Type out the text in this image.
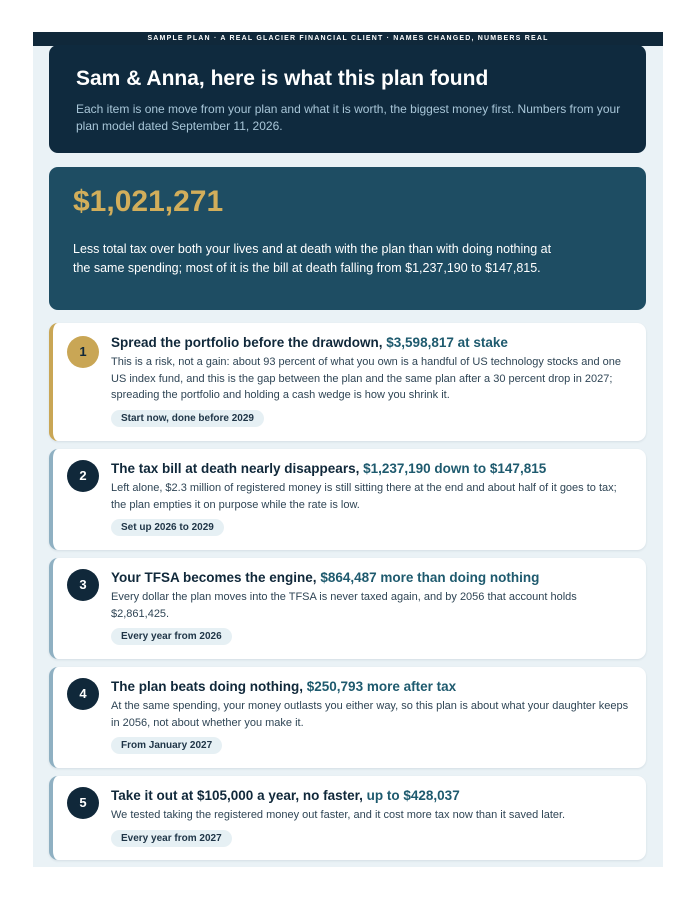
SAMPLE PLAN · A REAL GLACIER FINANCIAL CLIENT · NAMES CHANGED, NUMBERS REAL
Sam & Anna, here is what this plan found

Each item is one move from your plan and what it is worth, the biggest money first. Numbers from your plan model dated September 11, 2026.

$1,021,271

Less total tax over both your lives and at death with the plan than with doing nothing at the same spending; most of it is the bill at death falling from $1,237,190 to $147,815.

1

Spread the portfolio before the drawdown, $3,598,817 at stake

This is a risk, not a gain: about 93 percent of what you own is a handful of US technology stocks and one US index fund, and this is the gap between the plan and the same plan after a 30 percent drop in 2027; spreading the portfolio and holding a cash wedge is how you shrink it.

Start now, done before 2029
2	The tax bill at death nearly disappears, $1,237,190 down to $147,815

Left alone, $2.3 million of registered money is still sitting there at the end and about half of it goes to tax; the plan empties it on purpose while the rate is low.

Set up 2026 to 2029
3	Your TFSA becomes the engine, $864,487 more than doing nothing

Every dollar the plan moves into the TFSA is never taxed again, and by 2056 that account holds $2,861,425.

Every year from 2026
4	The plan beats doing nothing, $250,793 more after tax

At the same spending, your money outlasts you either way, so this plan is about what your daughter keeps in 2056, not about whether you make it.

From January 2027
5	Take it out at $105,000 a year, no faster, up to $428,037

We tested taking the registered money out faster, and it cost more tax now than it saved later.

Every year from 2027
